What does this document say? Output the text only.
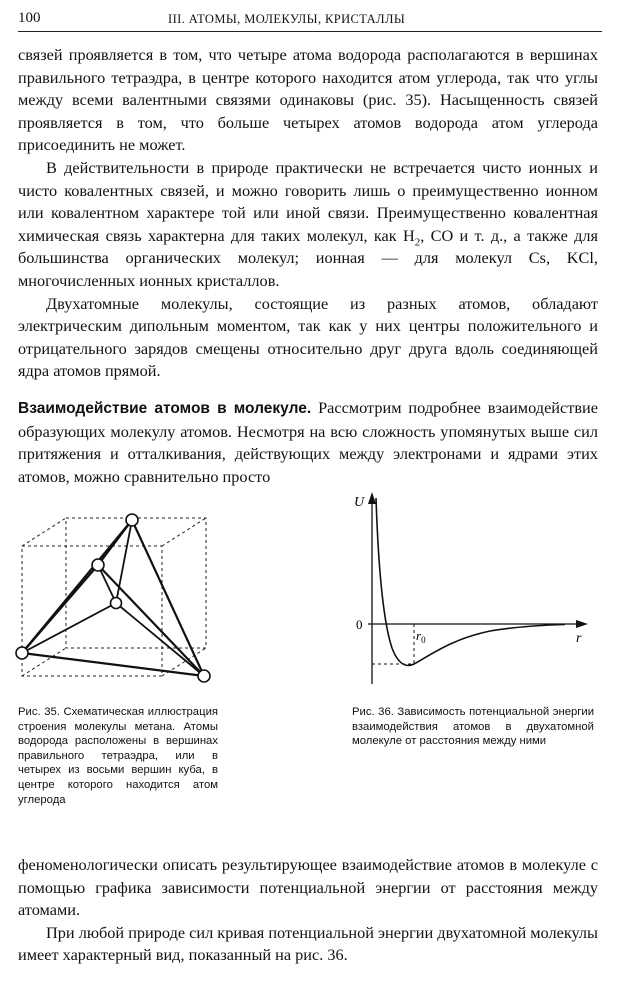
100	III. АТОМЫ, МОЛЕКУЛЫ, КРИСТАЛЛЫ

связей проявляется в том, что четыре атома водорода располагаются в вершинах правильного тетраэдра, в центре которого находится атом углерода, так что углы между всеми валентными связями одинаковы (рис. 35). Насыщенность связей проявляется в том, что больше четырех атомов водорода атом углерода присоединить не может.

В действительности в природе практически не встречается чисто ионных и чисто ковалентных связей, и можно говорить лишь о преимущественно ионном или ковалентном характере той или иной связи. Преимущественно ковалентная химическая связь характерна для таких молекул, как $H_2$, CO и т. д., а также для большинства органических молекул; ионная — для молекул Cs, KCl, многочисленных ионных кристаллов.

Двухатомные молекулы, состоящие из разных атомов, обладают электрическим дипольным моментом, так как у них центры положительного и отрицательного зарядов смещены относительно друг друга вдоль соединяющей ядра атомов прямой.

Взаимодействие атомов в молекуле. Рассмотрим подробнее взаимодействие образующих молекулу атомов. Несмотря на всю сложность упомянутых выше сил притяжения и отталкивания, действующих между электронами и ядрами этих атомов, можно сравнительно просто

U
0
r
$r_0$
Рис. 35. Схематическая иллюстрация строения молекулы метана. Атомы водорода расположены в вершинах правильного тетраэдра, или в четырех из восьми вершин куба, в центре которого находится атом углерода
Рис. 36. Зависимость потенциальной энергии взаимодействия атомов в двухатомной молекуле от расстояния между ними

феноменологически описать результирующее взаимодействие атомов в молекуле с помощью графика зависимости потенциальной энергии от расстояния между атомами.

При любой природе сил кривая потенциальной энергии двухатомной молекулы имеет характерный вид, показанный на рис. 36.
